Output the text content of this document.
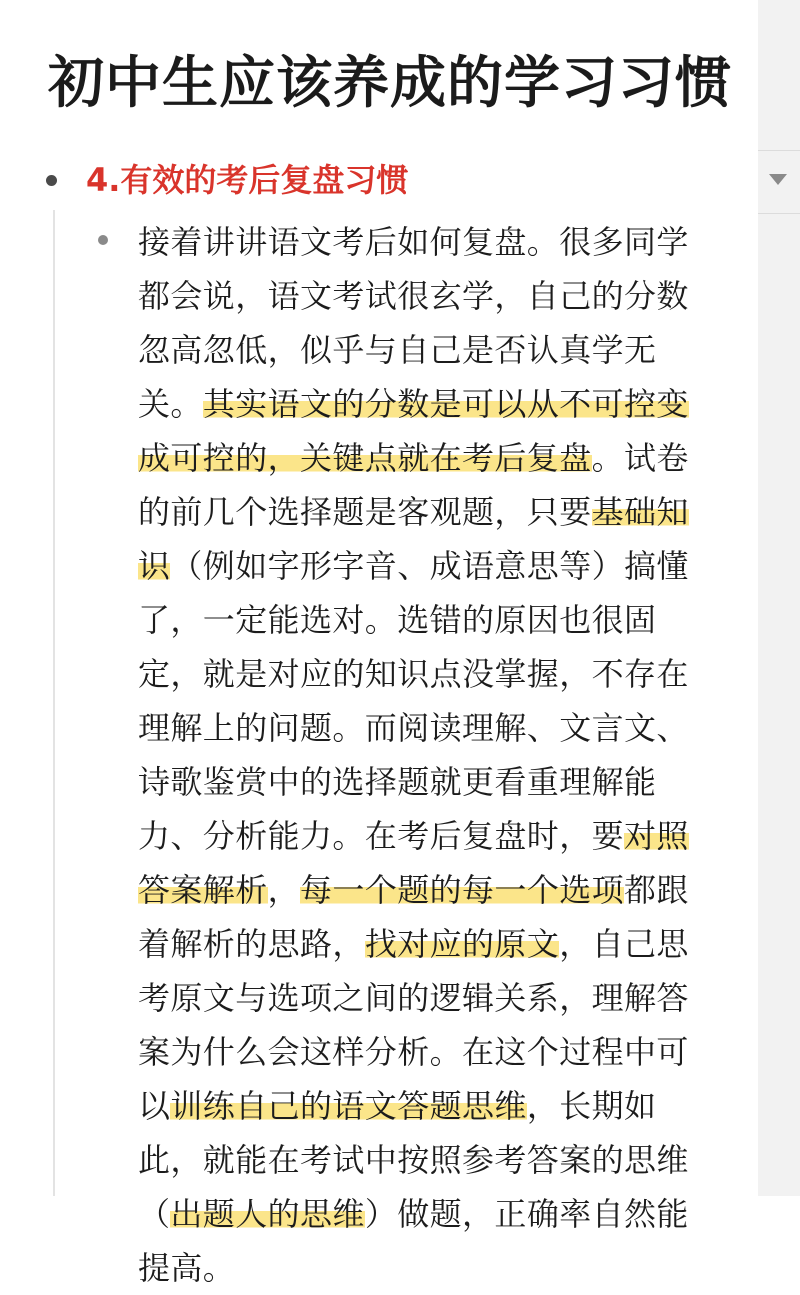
初中生应该养成的学习习惯
4.有效的考后复盘习惯
接着讲讲语文考后如何复盘。很多同学
都会说，语文考试很玄学，自己的分数
忽高忽低，似乎与自己是否认真学无
关。其实语文的分数是可以从不可控变
成可控的，关键点就在考后复盘。试卷
的前几个选择题是客观题，只要基础知
识（例如字形字音、成语意思等）搞懂
了，一定能选对。选错的原因也很固
定，就是对应的知识点没掌握，不存在
理解上的问题。而阅读理解、文言文、
诗歌鉴赏中的选择题就更看重理解能
力、分析能力。在考后复盘时，要对照
答案解析，每一个题的每一个选项都跟
着解析的思路，找对应的原文，自己思
考原文与选项之间的逻辑关系，理解答
案为什么会这样分析。在这个过程中可
以训练自己的语文答题思维，长期如
此，就能在考试中按照参考答案的思维
（出题人的思维）做题，正确率自然能
提高。
